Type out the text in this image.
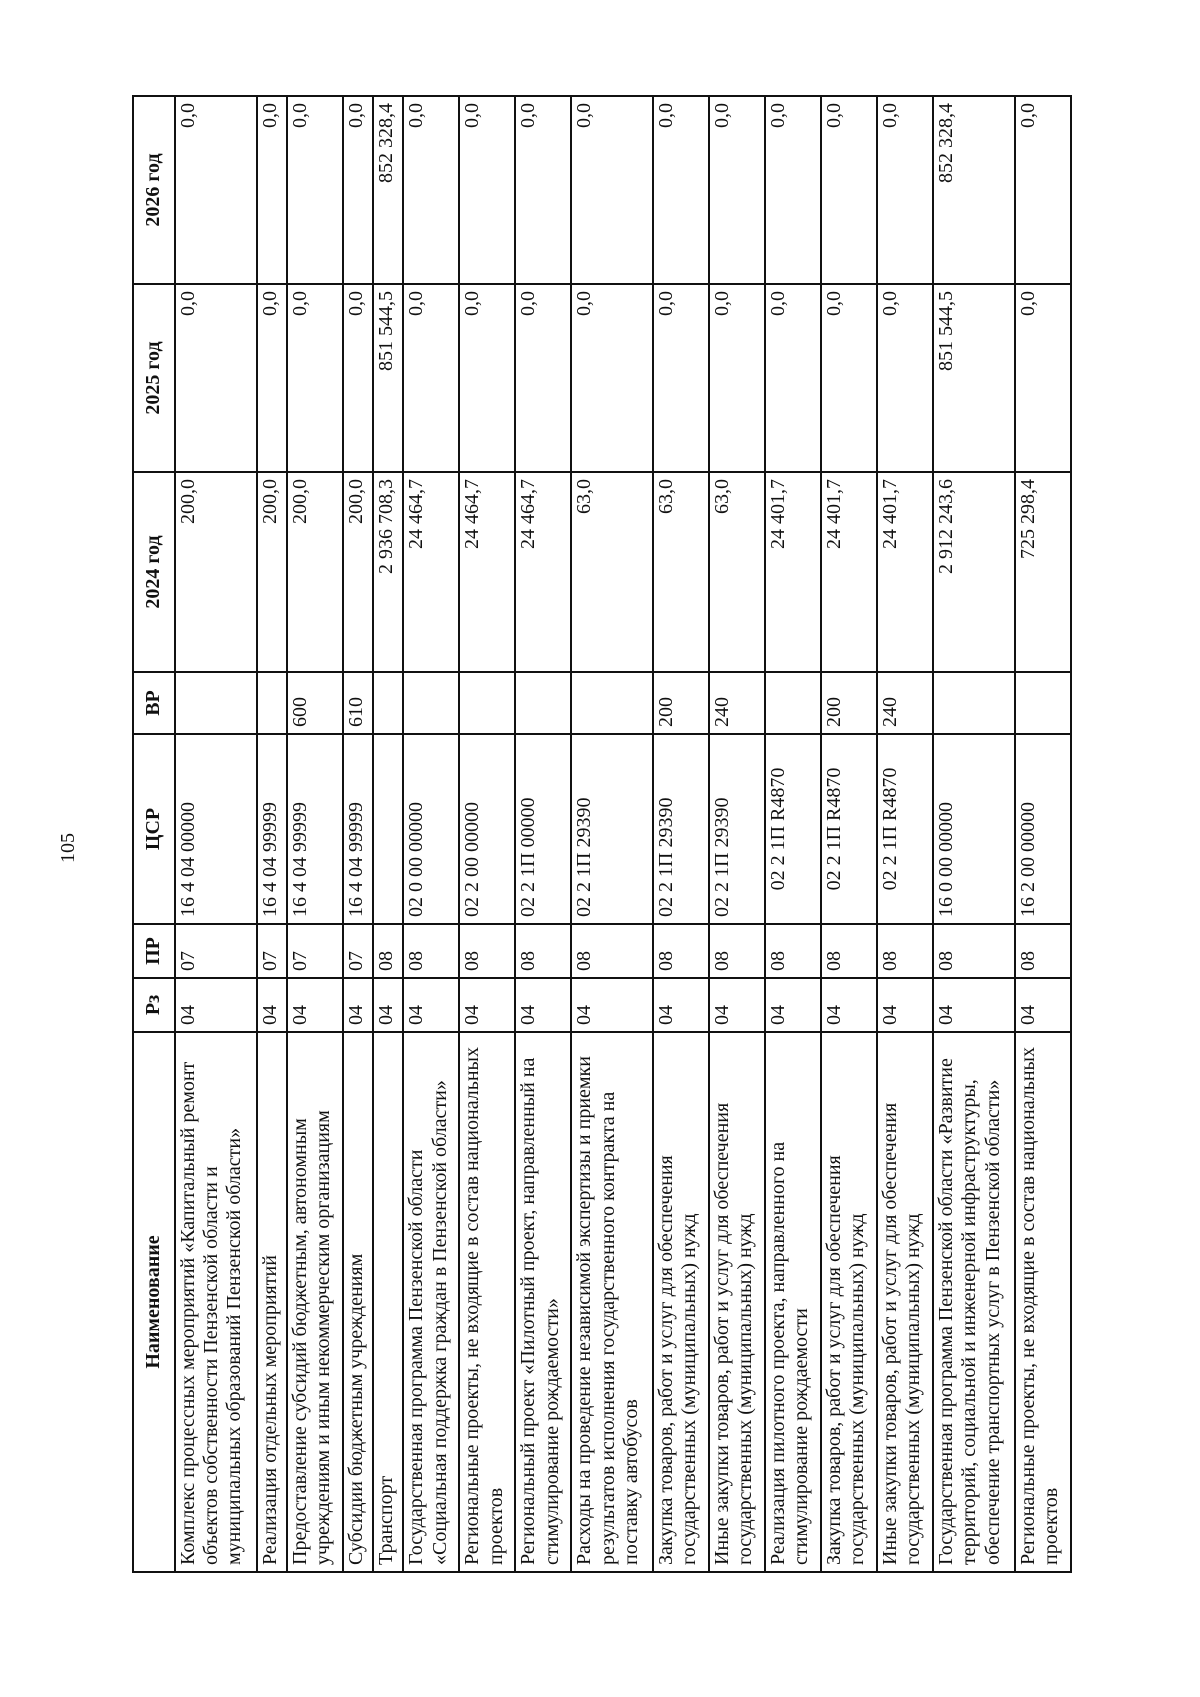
105
Наименование	Рз	ПР	ЦСР	ВР	2024 год	2025 год	2026 год
Комплекс процессных мероприятий «Капитальный ремонт объектов собственности Пензенской области и муниципальных образований Пензенской области»	04	07	16 4 04 00000		200,0	0,0	0,0
Реализация отдельных мероприятий	04	07	16 4 04 99999		200,0	0,0	0,0
Предоставление субсидий бюджетным, автономным учреждениям и иным некоммерческим организациям	04	07	16 4 04 99999	600	200,0	0,0	0,0
Субсидии бюджетным учреждениям	04	07	16 4 04 99999	610	200,0	0,0	0,0
Транспорт	04	08			2 936 708,3	851 544,5	852 328,4
Государственная программа Пензенской области «Социальная поддержка граждан в Пензенской области»	04	08	02 0 00 00000		24 464,7	0,0	0,0
Региональные проекты, не входящие в состав национальных проектов	04	08	02 2 00 00000		24 464,7	0,0	0,0
Региональный проект «Пилотный проект, направленный на стимулирование рождаемости»	04	08	02 2 1П 00000		24 464,7	0,0	0,0
Расходы на проведение независимой экспертизы и приемки результатов исполнения государственного контракта на поставку автобусов	04	08	02 2 1П 29390		63,0	0,0	0,0
Закупка товаров, работ и услуг для обеспечения государственных (муниципальных) нужд	04	08	02 2 1П 29390	200	63,0	0,0	0,0
Иные закупки товаров, работ и услуг для обеспечения государственных (муниципальных) нужд	04	08	02 2 1П 29390	240	63,0	0,0	0,0
Реализация пилотного проекта, направленного на стимулирование рождаемости	04	08	02 2 1П R4870		24 401,7	0,0	0,0
Закупка товаров, работ и услуг для обеспечения государственных (муниципальных) нужд	04	08	02 2 1П R4870	200	24 401,7	0,0	0,0
Иные закупки товаров, работ и услуг для обеспечения государственных (муниципальных) нужд	04	08	02 2 1П R4870	240	24 401,7	0,0	0,0
Государственная программа Пензенской области «Развитие территорий, социальной и инженерной инфраструктуры, обеспечение транспортных услуг в Пензенской области»	04	08	16 0 00 00000		2 912 243,6	851 544,5	852 328,4
Региональные проекты, не входящие в состав национальных проектов	04	08	16 2 00 00000		725 298,4	0,0	0,0
